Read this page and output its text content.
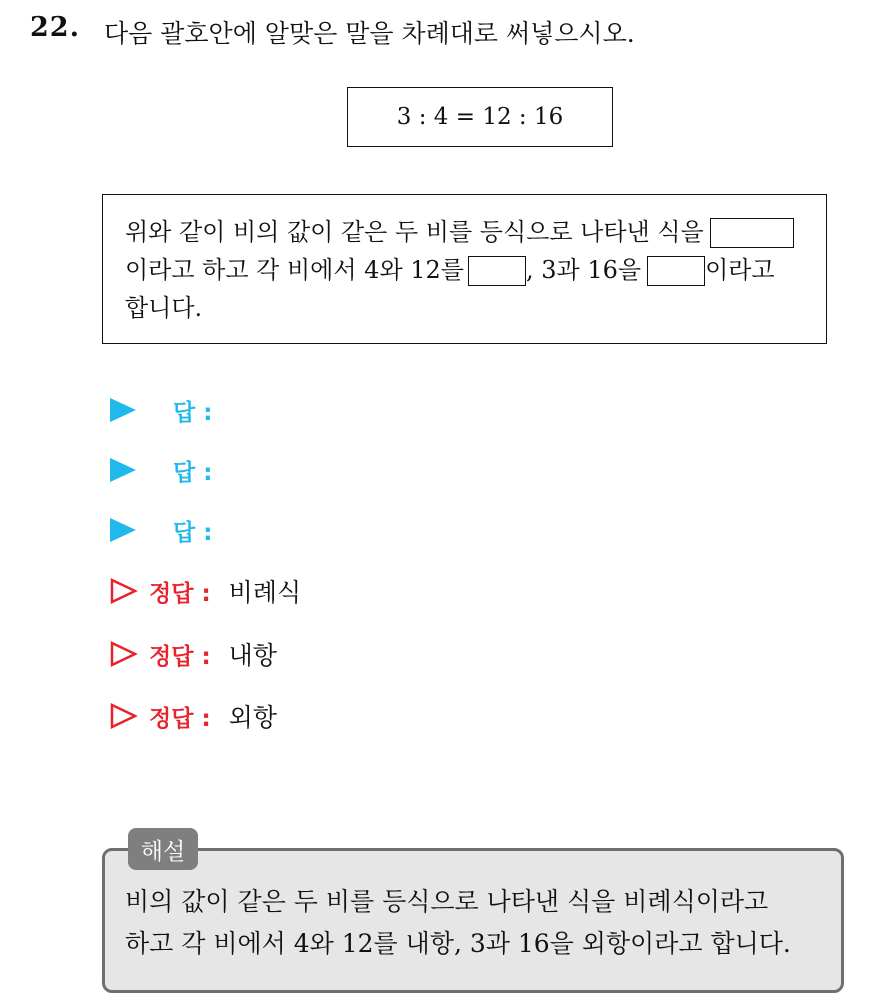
22. 다음 괄호안에 알맞은 말을 차례대로 써넣으시오.
3 : 4 = 12 : 16
위와 같이 비의 값이 같은 두 비를 등식으로 나타낸 식을
이라고 하고 각 비에서 4와 12를	, 3과 16을	이라고
합니다.
답 :
답 :
답 :
정답 : 비례식
정답 : 내항
정답 : 외항
비의 값이 같은 두 비를 등식으로 나타낸 식을 비례식이라고
하고 각 비에서 4와 12를 내항, 3과 16을 외항이라고 합니다.
해설
